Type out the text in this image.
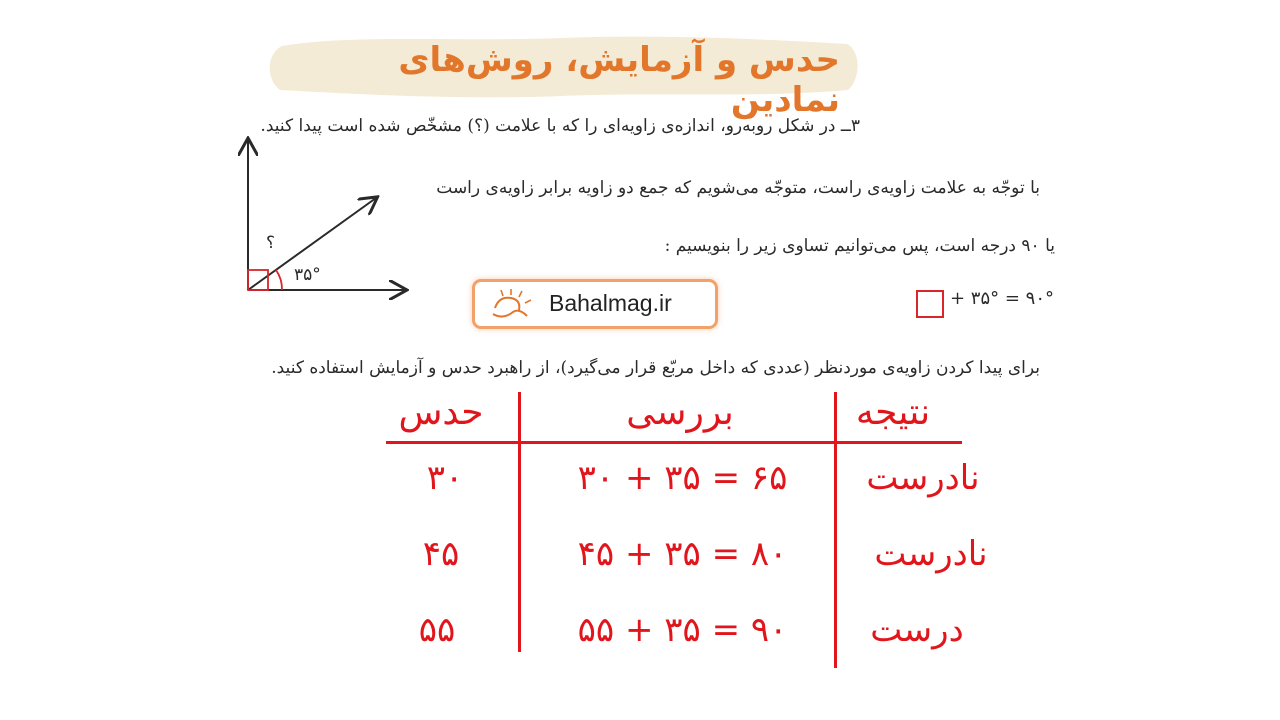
حدس و آزمایش، روش‌های نمادین
۳ــ در شکل روبه‌رو، اندازه‌ی زاویه‌ای را که با علامت (؟) مشخّص شده است پیدا کنید.
با توجّه به علامت زاویه‌ی راست، متوجّه می‌شویم که جمع دو زاویه برابر زاویه‌ی راست
یا ۹۰ درجه است، پس می‌توانیم تساوی زیر را بنویسیم :
برای پیدا کردن زاویه‌ی موردنظر (عددی که داخل مربّع قرار می‌گیرد)، از راهبرد حدس و آزمایش استفاده کنید.
+ ۳۵° = ۹۰°
؟
۳۵°
Bahalmag.ir
حدس	بررسی	نتیجه
۳۰	۳۰ + ۳۵ = ۶۵	نادرست
۴۵	۴۵ + ۳۵ = ۸۰	نادرست
۵۵	۵۵ + ۳۵ = ۹۰	درست
